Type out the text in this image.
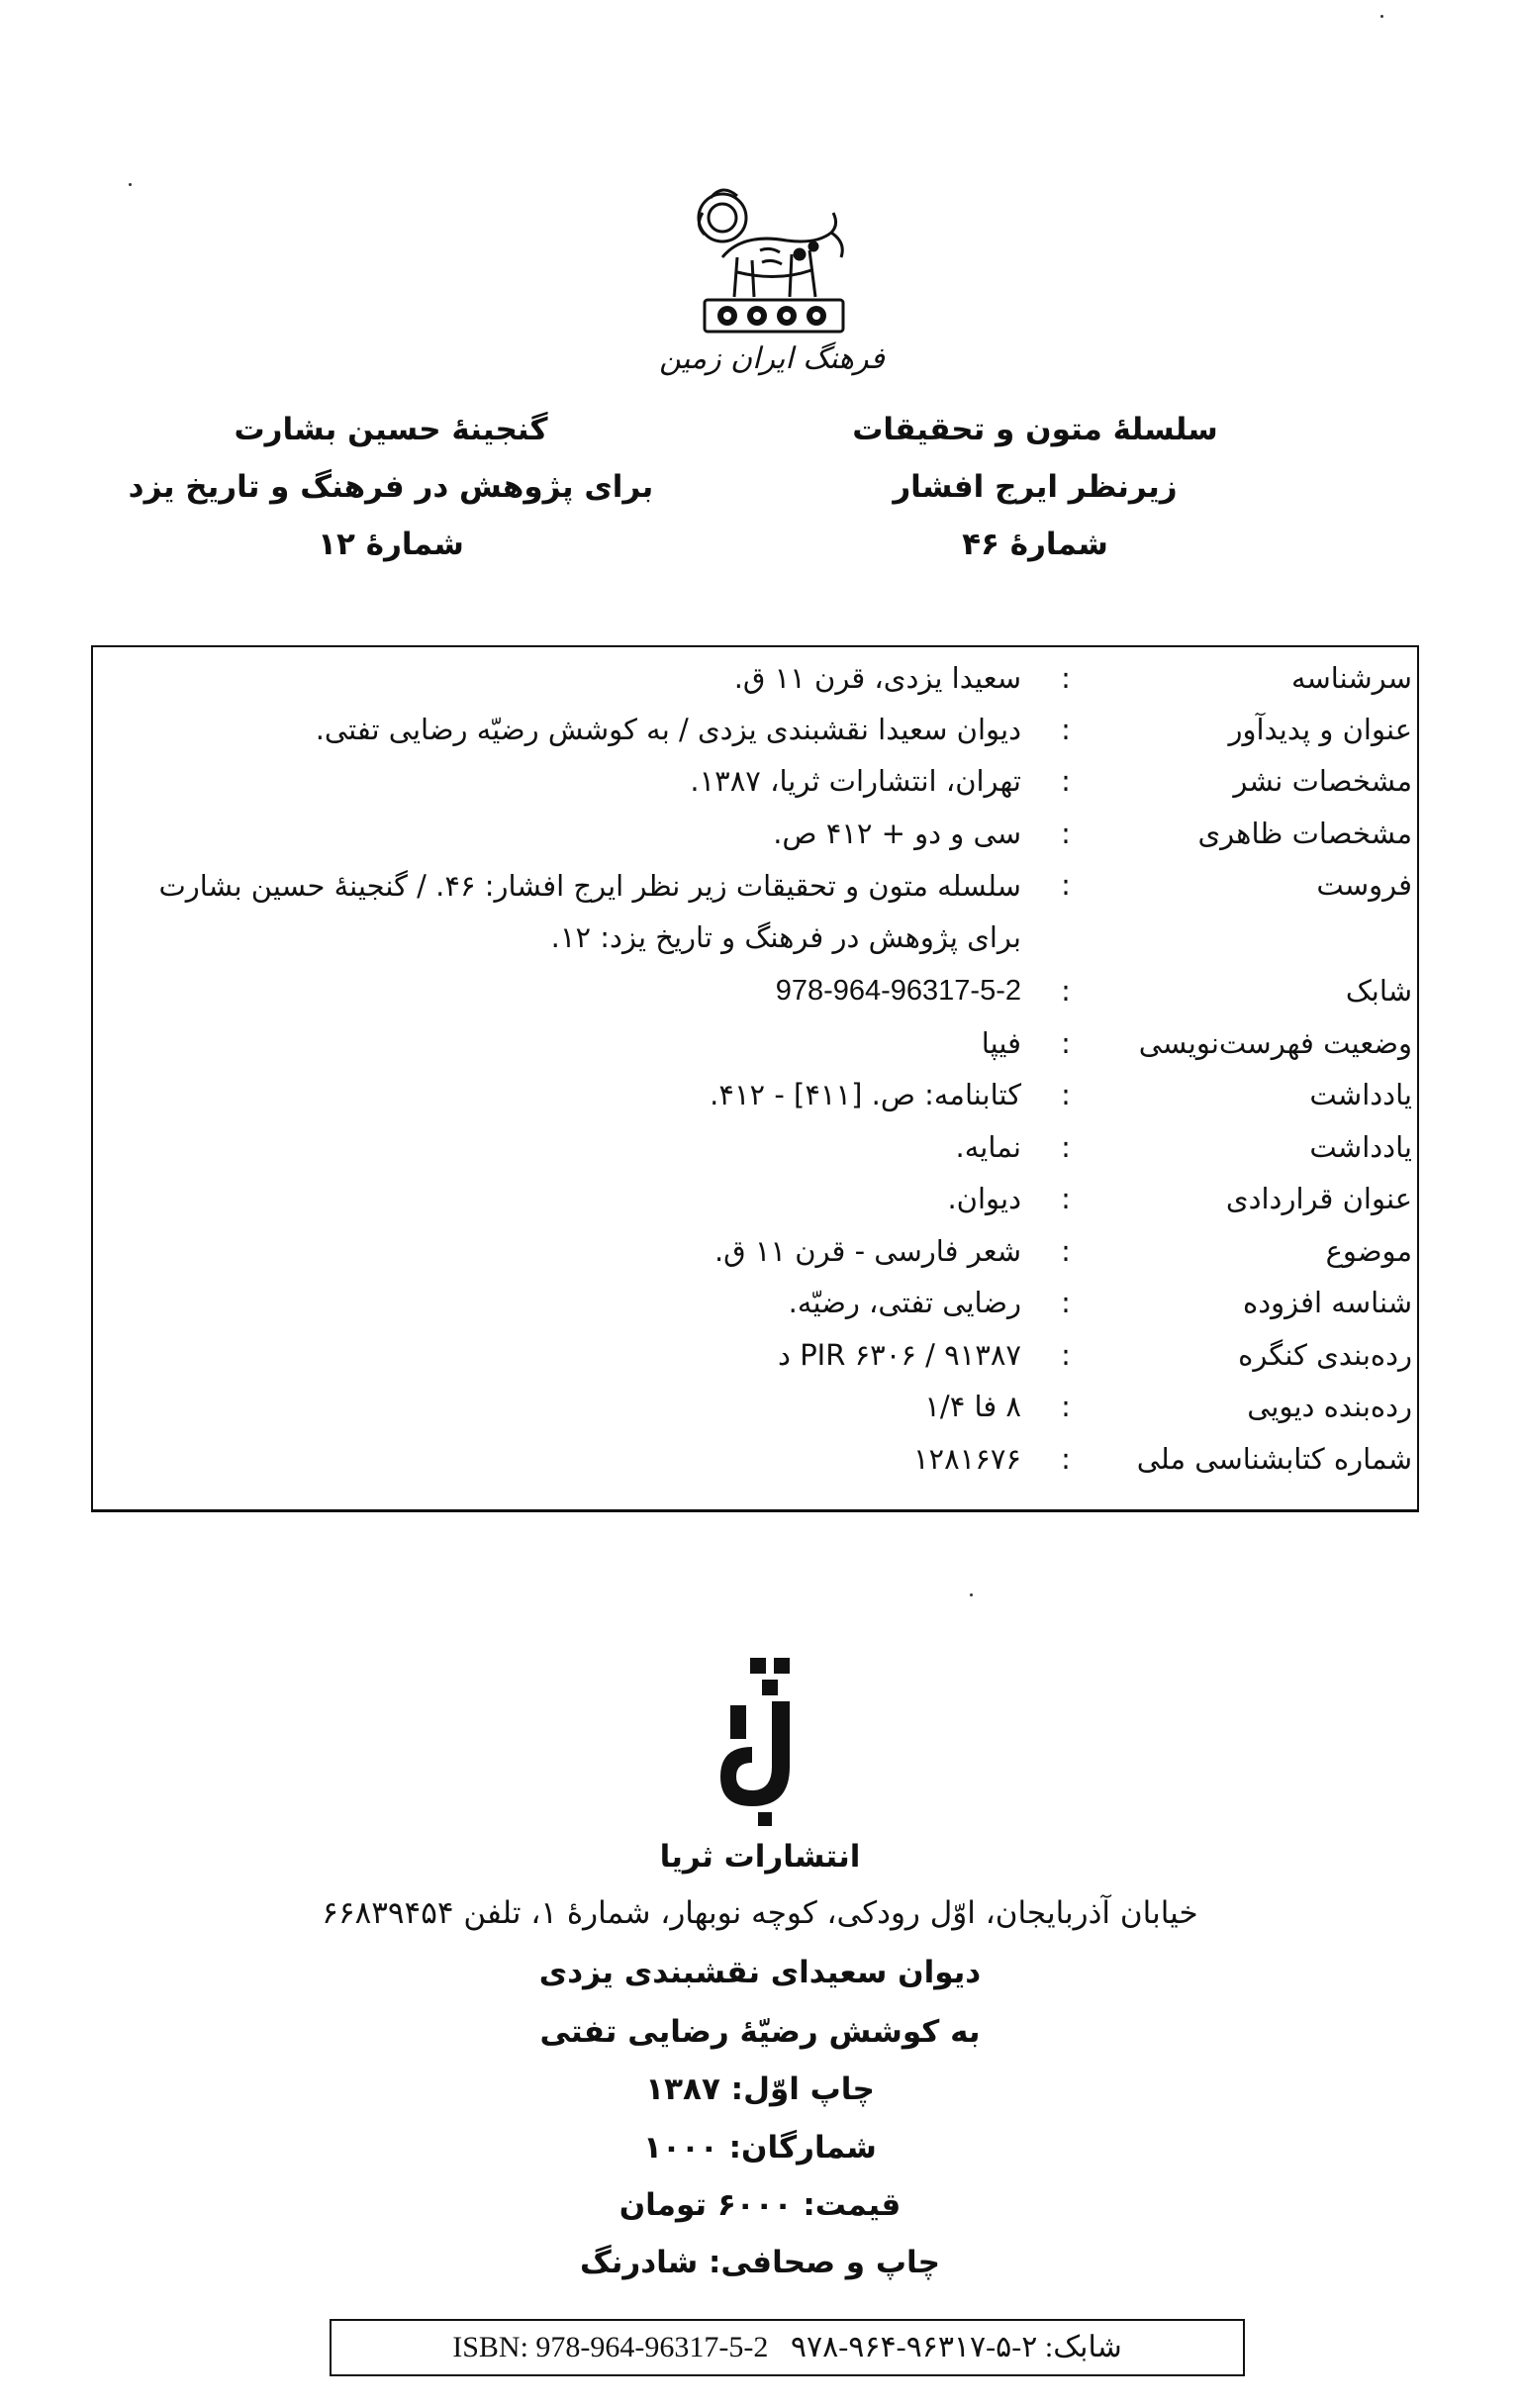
فرهنگ ایران زمین
سلسلهٔ متون و تحقیقات
زیرنظر ایرج افشار
شمارهٔ ۴۶
گنجینهٔ حسین بشارت
برای پژوهش در فرهنگ و تاریخ یزد
شمارهٔ ۱۲
سرشناسه
:
سعیدا یزدی، قرن ۱۱ ق.
عنوان و پدیدآور
:
دیوان سعیدا نقشبندی یزدی / به کوشش رضیّه رضایی تفتی.
مشخصات نشر
:
تهران، انتشارات ثریا، ۱۳۸۷.
مشخصات ظاهری
:
سی و دو + ۴۱۲ ص.
فروست
:
سلسله متون و تحقیقات زیر نظر ایرج افشار: ۴۶. / گنجینهٔ حسین بشارت برای پژوهش در فرهنگ و تاریخ یزد: ۱۲.
شابک
:
978-964-96317-5-2
وضعیت فهرست‌نویسی
:
فیپا
یادداشت
:
کتابنامه: ص. [۴۱۱] - ۴۱۲.
یادداشت
:
نمایه.
عنوان قراردادی
:
دیوان.
موضوع
:
شعر فارسی - قرن ۱۱ ق.
شناسه افزوده
:
رضایی تفتی، رضیّه.
رده‌بندی کنگره
:
PIR ۶۳۰۶ / ۹۱۳۸۷ د
رده‌بنده دیویی
:
۸ فا ۱/۴
شماره کتابشناسی ملی
:
۱۲۸۱۶۷۶
انتشارات ثریا
خیابان آذربایجان، اوّل رودکی، کوچه نوبهار، شمارهٔ ۱، تلفن ۶۶۸۳۹۴۵۴
دیوان سعیدای نقشبندی یزدی
به کوشش رضیّهٔ رضایی تفتی
چاپ اوّل: ۱۳۸۷
شمارگان: ۱۰۰۰
قیمت: ۶۰۰۰ تومان
چاپ و صحافی: شادرنگ
شابک: ۲-۵-۹۶۳۱۷-۹۶۴-۹۷۸   ISBN: 978-964-96317-5-2
